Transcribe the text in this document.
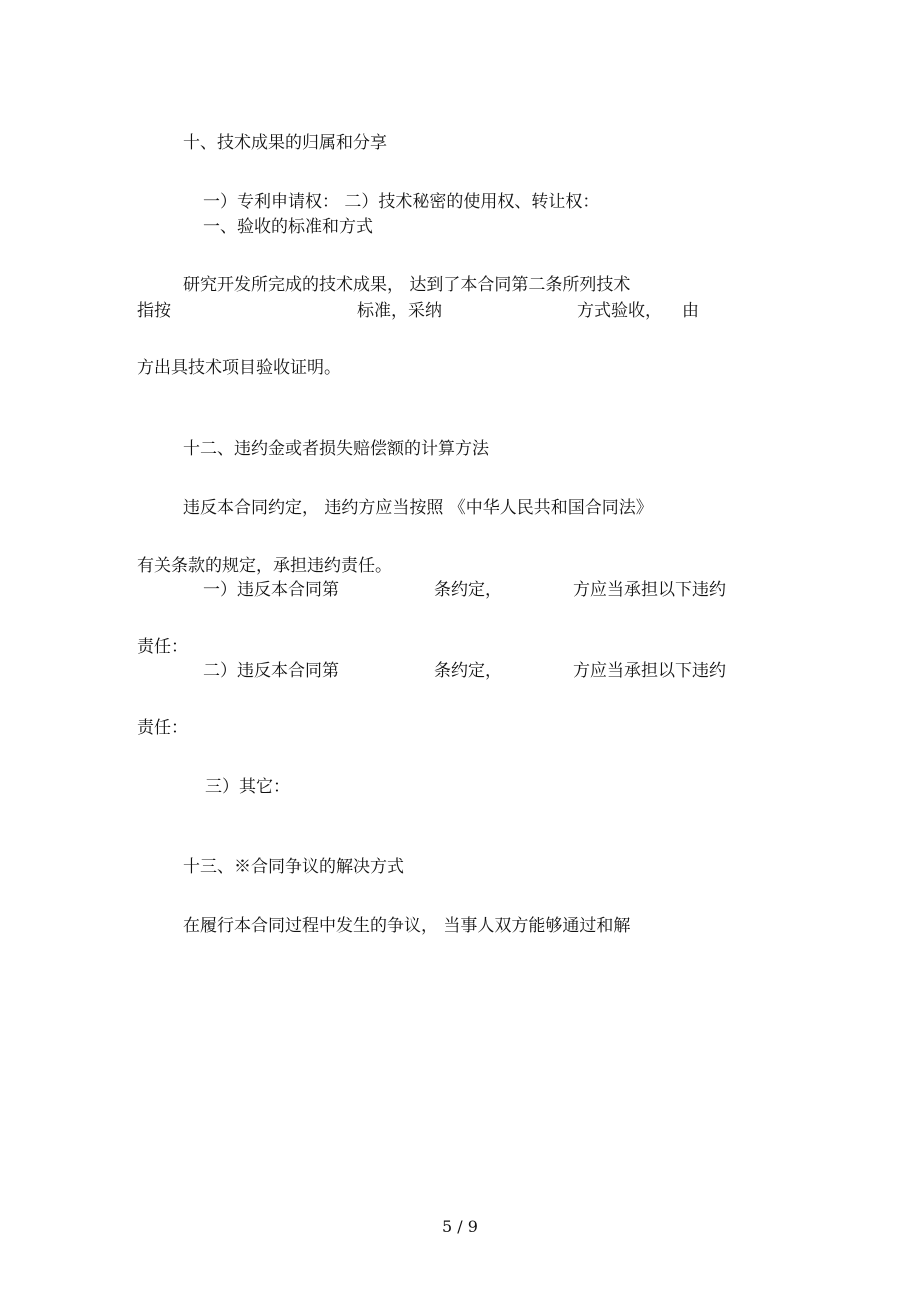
十、技术成果的归属和分享
一）专利申请权： 二）技术秘密的使用权、转让权：
一、验收的标准和方式
研究开发所完成的技术成果， 达到了本合同第二条所列技术
指按	标准，采纳	方式验收， 由
方出具技术项目验收证明。
十二、违约金或者损失赔偿额的计算方法
违反本合同约定， 违约方应当按照 《中华人民共和国合同法》
有关条款的规定，承担违约责任。
一）违反本合同第	条约定，	方应当承担以下违约
责任：
二）违反本合同第	条约定，	方应当承担以下违约
责任：
三）其它：
十三、※合同争议的解决方式
在履行本合同过程中发生的争议， 当事人双方能够通过和解
5 / 9
